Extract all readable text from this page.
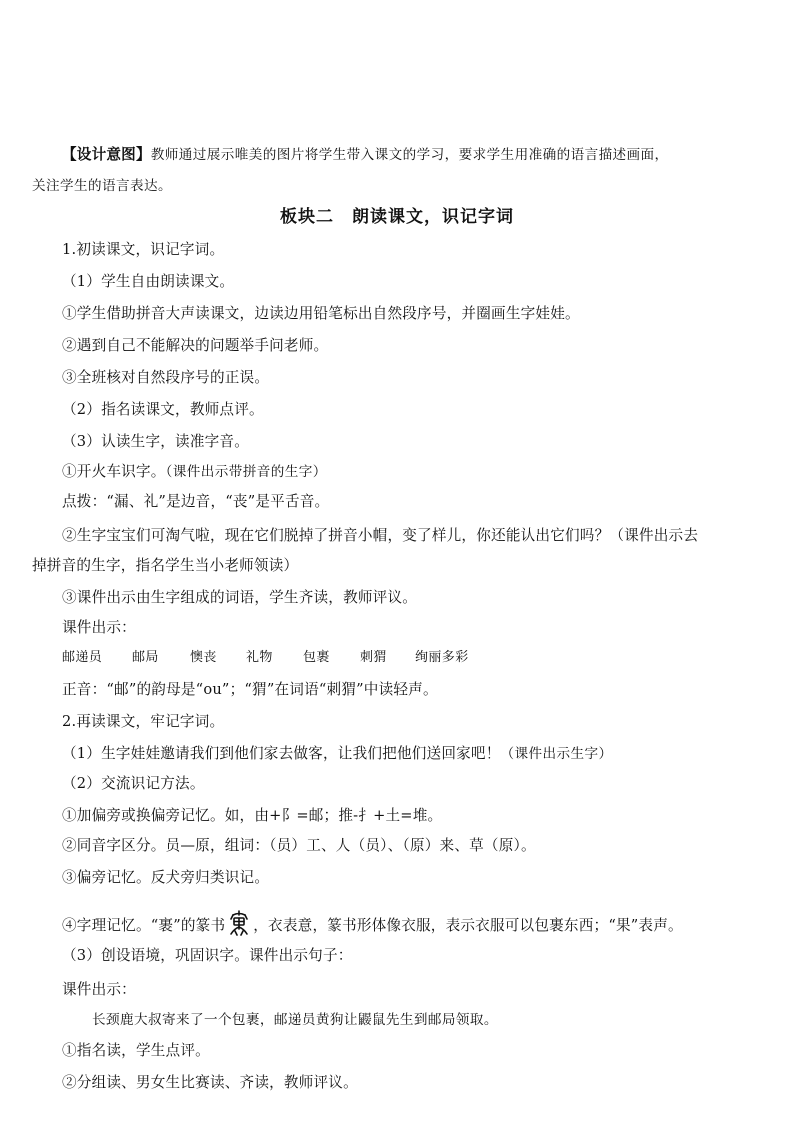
【设计意图】教师通过展示唯美的图片将学生带入课文的学习，要求学生用准确的语言描述画面，
关注学生的语言表达。
板块二　朗读课文，识记字词
1.初读课文，识记字词。
（1）学生自由朗读课文。
①学生借助拼音大声读课文，边读边用铅笔标出自然段序号，并圈画生字娃娃。
②遇到自己不能解决的问题举手问老师。
③全班核对自然段序号的正误。
（2）指名读课文，教师点评。
（3）认读生字，读准字音。
①开火车识字。（课件出示带拼音的生字）
点拨：“漏、礼”是边音，“丧”是平舌音。
②生字宝宝们可淘气啦，现在它们脱掉了拼音小帽，变了样儿，你还能认出它们吗？（课件出示去
掉拼音的生字，指名学生当小老师领读）
③课件出示由生字组成的词语，学生齐读，教师评议。
课件出示：
邮递员 邮局 懊丧 礼物 包裹 刺猬 绚丽多彩
正音：“邮”的韵母是“ou”；“猬”在词语“刺猬”中读轻声。
2.再读课文，牢记字词。
（1）生字娃娃邀请我们到他们家去做客，让我们把他们送回家吧！（课件出示生字）
（2）交流识记方法。
①加偏旁或换偏旁记忆。如，由+阝=邮；推-扌+土=堆。
②同音字区分。员—原，组词：（员）工、人（员）、（原）来、草（原）。
③偏旁记忆。反犬旁归类识记。
④字理记忆。“裹”的篆书 ，衣表意，篆书形体像衣服，表示衣服可以包裹东西；“果”表声。
（3）创设语境，巩固识字。课件出示句子：
课件出示：
长颈鹿大叔寄来了一个包裹，邮递员黄狗让鼹鼠先生到邮局领取。
①指名读，学生点评。
②分组读、男女生比赛读、齐读，教师评议。
